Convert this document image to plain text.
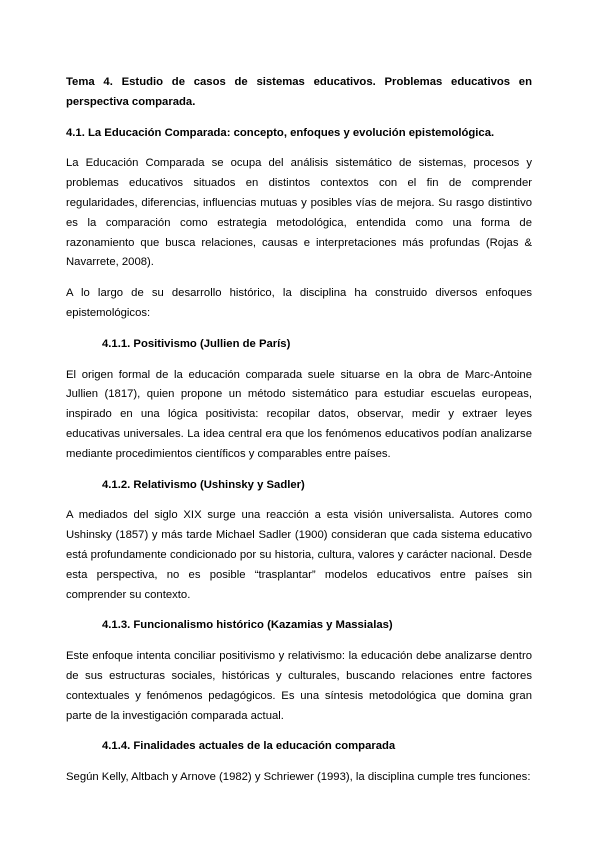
Tema 4. Estudio de casos de sistemas educativos. Problemas educativos en perspectiva comparada.

4.1. La Educación Comparada: concepto, enfoques y evolución epistemológica.

La Educación Comparada se ocupa del análisis sistemático de sistemas, procesos y problemas educativos situados en distintos contextos con el fin de comprender regularidades, diferencias, influencias mutuas y posibles vías de mejora. Su rasgo distintivo es la comparación como estrategia metodológica, entendida como una forma de razonamiento que busca relaciones, causas e interpretaciones más profundas (Rojas & Navarrete, 2008).

A lo largo de su desarrollo histórico, la disciplina ha construido diversos enfoques epistemológicos:

4.1.1. Positivismo (Jullien de París)

El origen formal de la educación comparada suele situarse en la obra de Marc-Antoine Jullien (1817), quien propone un método sistemático para estudiar escuelas europeas, inspirado en una lógica positivista: recopilar datos, observar, medir y extraer leyes educativas universales. La idea central era que los fenómenos educativos podían analizarse mediante procedimientos científicos y comparables entre países.

4.1.2. Relativismo (Ushinsky y Sadler)

A mediados del siglo XIX surge una reacción a esta visión universalista. Autores como Ushinsky (1857) y más tarde Michael Sadler (1900) consideran que cada sistema educativo está profundamente condicionado por su historia, cultura, valores y carácter nacional. Desde esta perspectiva, no es posible “trasplantar” modelos educativos entre países sin comprender su contexto.

4.1.3. Funcionalismo histórico (Kazamias y Massialas)

Este enfoque intenta conciliar positivismo y relativismo: la educación debe analizarse dentro de sus estructuras sociales, históricas y culturales, buscando relaciones entre factores contextuales y fenómenos pedagógicos. Es una síntesis metodológica que domina gran parte de la investigación comparada actual.

4.1.4. Finalidades actuales de la educación comparada

Según Kelly, Altbach y Arnove (1982) y Schriewer (1993), la disciplina cumple tres funciones:
